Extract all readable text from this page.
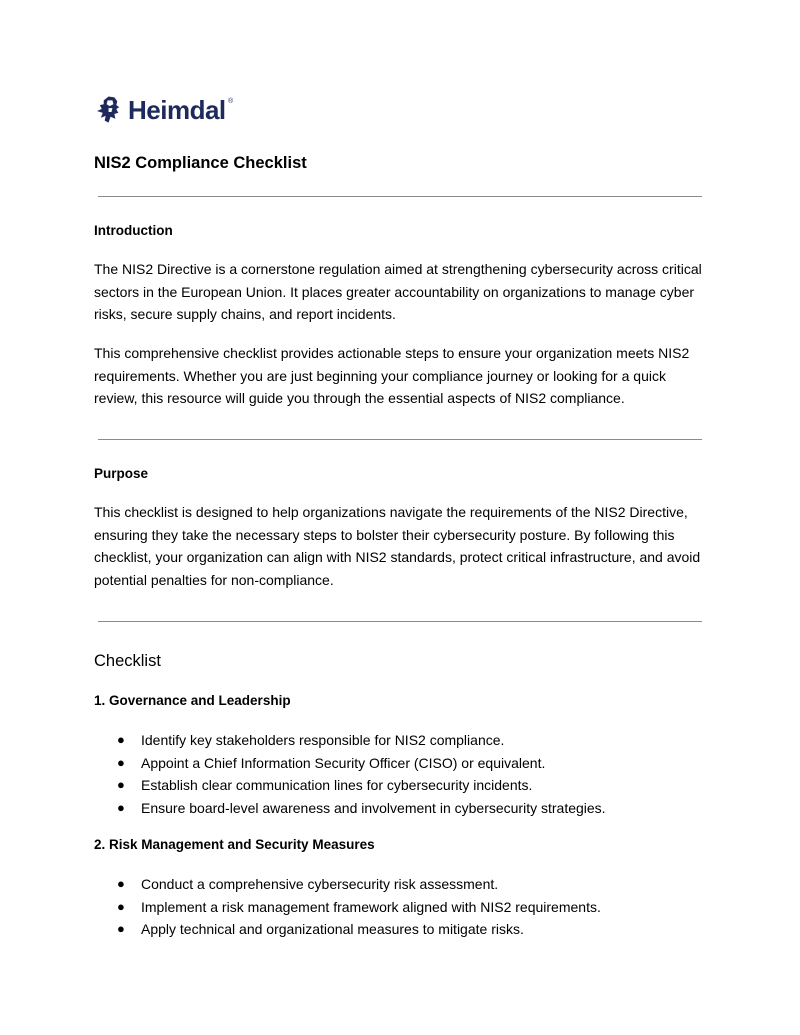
Heimdal ®
NIS2 Compliance Checklist
Introduction

The NIS2 Directive is a cornerstone regulation aimed at strengthening cybersecurity across critical sectors in the European Union. It places greater accountability on organizations to manage cyber risks, secure supply chains, and report incidents.

This comprehensive checklist provides actionable steps to ensure your organization meets NIS2 requirements. Whether you are just beginning your compliance journey or looking for a quick review, this resource will guide you through the essential aspects of NIS2 compliance.

Purpose

This checklist is designed to help organizations navigate the requirements of the NIS2 Directive, ensuring they take the necessary steps to bolster their cybersecurity posture. By following this checklist, your organization can align with NIS2 standards, protect critical infrastructure, and avoid potential penalties for non-compliance.

Checklist
1. Governance and Leadership
● Identify key stakeholders responsible for NIS2 compliance.
● Appoint a Chief Information Security Officer (CISO) or equivalent.
● Establish clear communication lines for cybersecurity incidents.
● Ensure board-level awareness and involvement in cybersecurity strategies.
2. Risk Management and Security Measures
● Conduct a comprehensive cybersecurity risk assessment.
● Implement a risk management framework aligned with NIS2 requirements.
● Apply technical and organizational measures to mitigate risks.
